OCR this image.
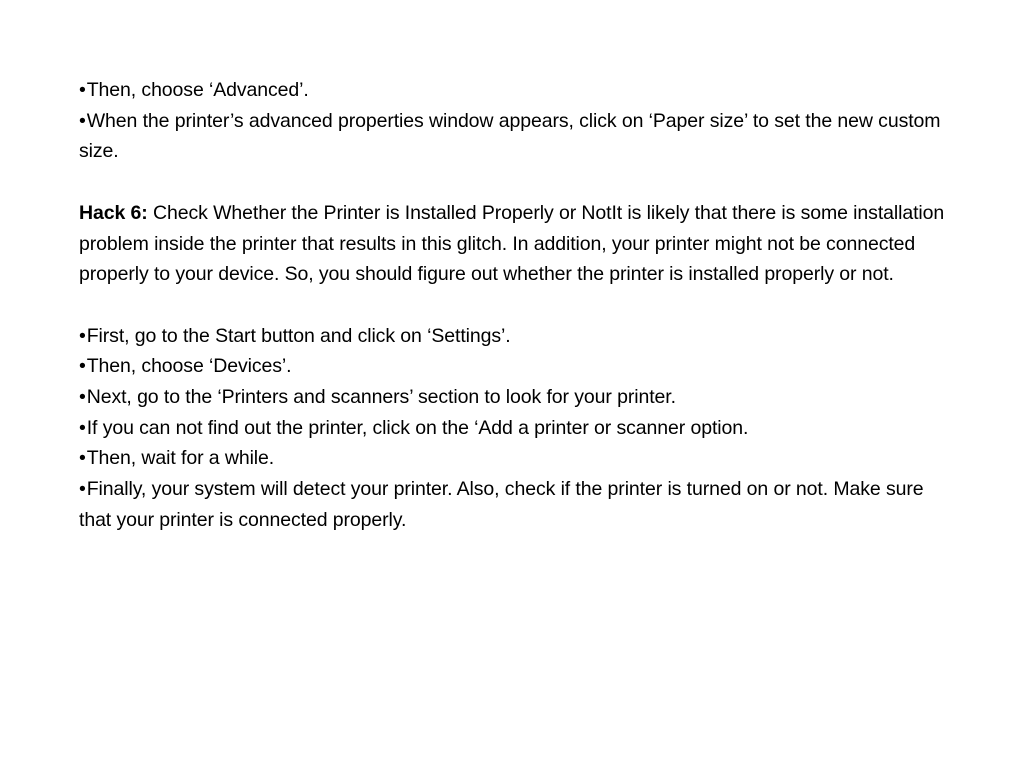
•Then, choose ‘Advanced’.

•When the printer’s advanced properties window appears, click on ‘Paper size’ to set the new custom size.

Hack 6: Check Whether the Printer is Installed Properly or NotIt is likely that there is some installation problem inside the printer that results in this glitch. In addition, your printer might not be connected properly to your device. So, you should figure out whether the printer is installed properly or not.

•First, go to the Start button and click on ‘Settings’.

•Then, choose ‘Devices’.

•Next, go to the ‘Printers and scanners’ section to look for your printer.

•If you can not find out the printer, click on the ‘Add a printer or scanner option.

•Then, wait for a while.

•Finally, your system will detect your printer. Also, check if the printer is turned on or not. Make sure that your printer is connected properly.
